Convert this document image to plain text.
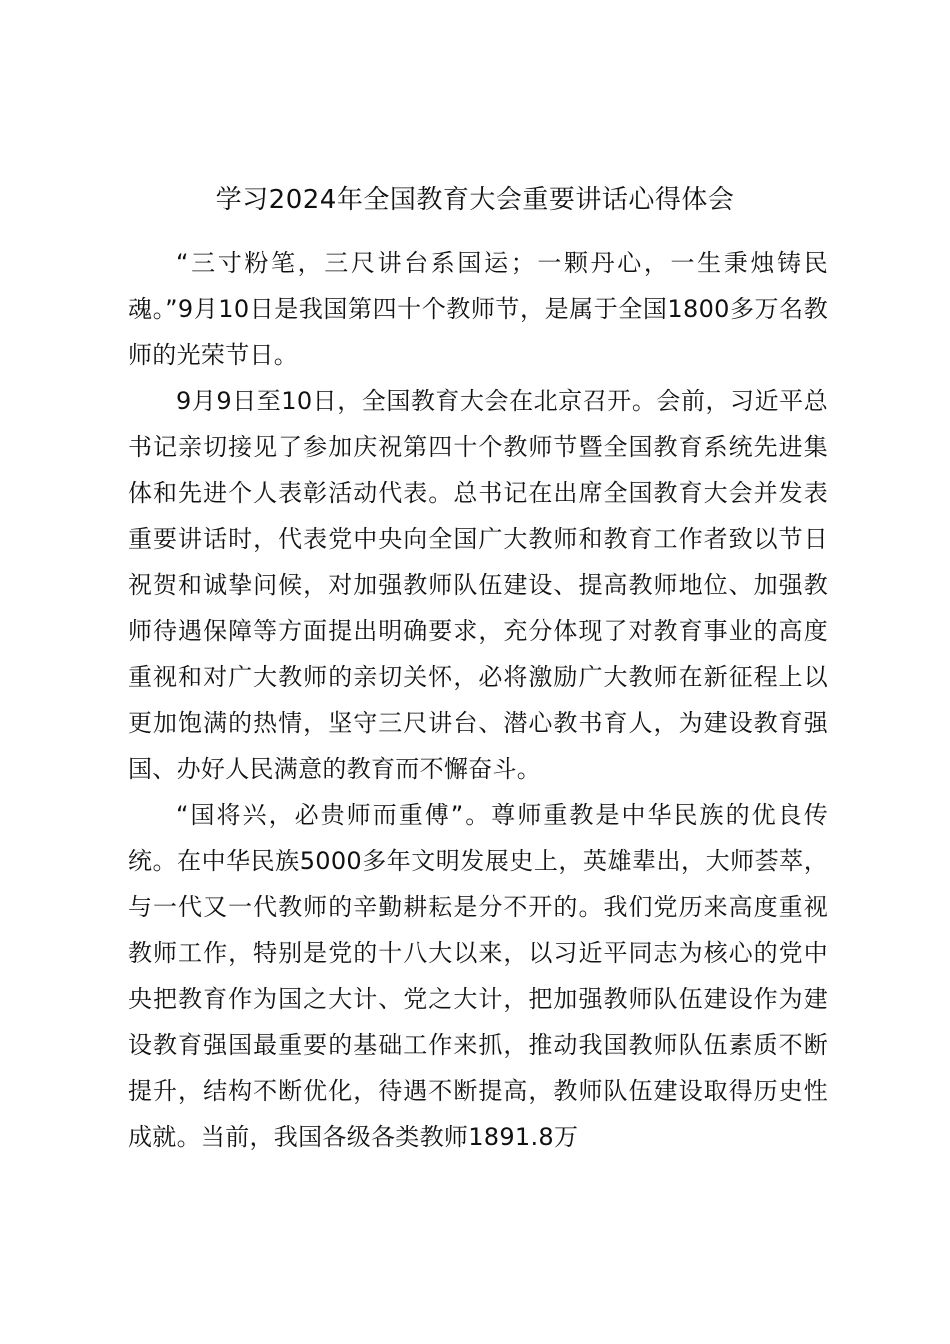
学习2024年全国教育大会重要讲话心得体会

“三寸粉笔，三尺讲台系国运；一颗丹心，一生秉烛铸民魂。”9月10日是我国第四十个教师节，是属于全国1800多万名教师的光荣节日。

9月9日至10日，全国教育大会在北京召开。会前，习近平总书记亲切接见了参加庆祝第四十个教师节暨全国教育系统先进集体和先进个人表彰活动代表。总书记在出席全国教育大会并发表重要讲话时，代表党中央向全国广大教师和教育工作者致以节日祝贺和诚挚问候，对加强教师队伍建设、提高教师地位、加强教师待遇保障等方面提出明确要求，充分体现了对教育事业的高度重视和对广大教师的亲切关怀，必将激励广大教师在新征程上以更加饱满的热情，坚守三尺讲台、潜心教书育人，为建设教育强国、办好人民满意的教育而不懈奋斗。

“国将兴，必贵师而重傅”。尊师重教是中华民族的优良传统。在中华民族5000多年文明发展史上，英雄辈出，大师荟萃，与一代又一代教师的辛勤耕耘是分不开的。我们党历来高度重视教师工作，特别是党的十八大以来，以习近平同志为核心的党中央把教育作为国之大计、党之大计，把加强教师队伍建设作为建设教育强国最重要的基础工作来抓，推动我国教师队伍素质不断提升，结构不断优化，待遇不断提高，教师队伍建设取得历史性成就。当前，我国各级各类教师1891.8万
